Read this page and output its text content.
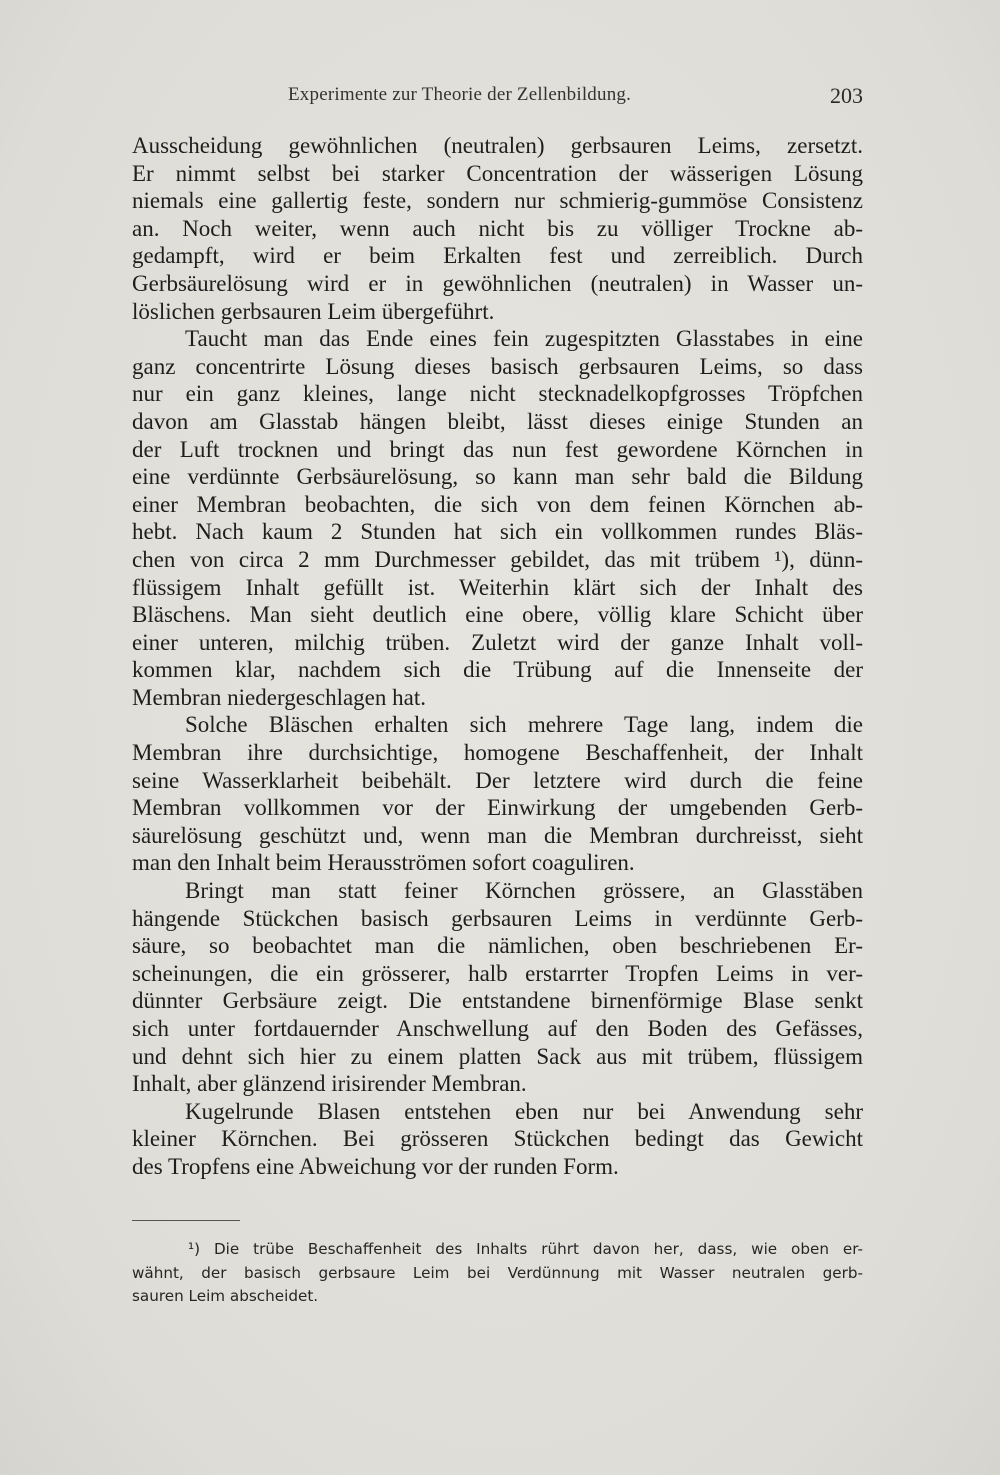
Experimente zur Theorie der Zellenbildung.	203
Ausscheidung gewöhnlichen (neutralen) gerbsauren Leims, zersetzt.
Er nimmt selbst bei starker Concentration der wässerigen Lösung
niemals eine gallertig feste, sondern nur schmierig-gummöse Consistenz
an. Noch weiter, wenn auch nicht bis zu völliger Trockne ab-
gedampft, wird er beim Erkalten fest und zerreiblich. Durch
Gerbsäurelösung wird er in gewöhnlichen (neutralen) in Wasser un-
löslichen gerbsauren Leim übergeführt.
Taucht man das Ende eines fein zugespitzten Glasstabes in eine
ganz concentrirte Lösung dieses basisch gerbsauren Leims, so dass
nur ein ganz kleines, lange nicht stecknadelkopfgrosses Tröpfchen
davon am Glasstab hängen bleibt, lässt dieses einige Stunden an
der Luft trocknen und bringt das nun fest gewordene Körnchen in
eine verdünnte Gerbsäurelösung, so kann man sehr bald die Bildung
einer Membran beobachten, die sich von dem feinen Körnchen ab-
hebt. Nach kaum 2 Stunden hat sich ein vollkommen rundes Bläs-
chen von circa 2 mm Durchmesser gebildet, das mit trübem ¹), dünn-
flüssigem Inhalt gefüllt ist. Weiterhin klärt sich der Inhalt des
Bläschens. Man sieht deutlich eine obere, völlig klare Schicht über
einer unteren, milchig trüben. Zuletzt wird der ganze Inhalt voll-
kommen klar, nachdem sich die Trübung auf die Innenseite der
Membran niedergeschlagen hat.
Solche Bläschen erhalten sich mehrere Tage lang, indem die
Membran ihre durchsichtige, homogene Beschaffenheit, der Inhalt
seine Wasserklarheit beibehält. Der letztere wird durch die feine
Membran vollkommen vor der Einwirkung der umgebenden Gerb-
säurelösung geschützt und, wenn man die Membran durchreisst, sieht
man den Inhalt beim Herausströmen sofort coaguliren.
Bringt man statt feiner Körnchen grössere, an Glasstäben
hängende Stückchen basisch gerbsauren Leims in verdünnte Gerb-
säure, so beobachtet man die nämlichen, oben beschriebenen Er-
scheinungen, die ein grösserer, halb erstarrter Tropfen Leims in ver-
dünnter Gerbsäure zeigt. Die entstandene birnenförmige Blase senkt
sich unter fortdauernder Anschwellung auf den Boden des Gefässes,
und dehnt sich hier zu einem platten Sack aus mit trübem, flüssigem
Inhalt, aber glänzend irisirender Membran.
Kugelrunde Blasen entstehen eben nur bei Anwendung sehr
kleiner Körnchen. Bei grösseren Stückchen bedingt das Gewicht
des Tropfens eine Abweichung vor der runden Form.
¹) Die trübe Beschaffenheit des Inhalts rührt davon her, dass, wie oben er-
wähnt, der basisch gerbsaure Leim bei Verdünnung mit Wasser neutralen gerb-
sauren Leim abscheidet.
